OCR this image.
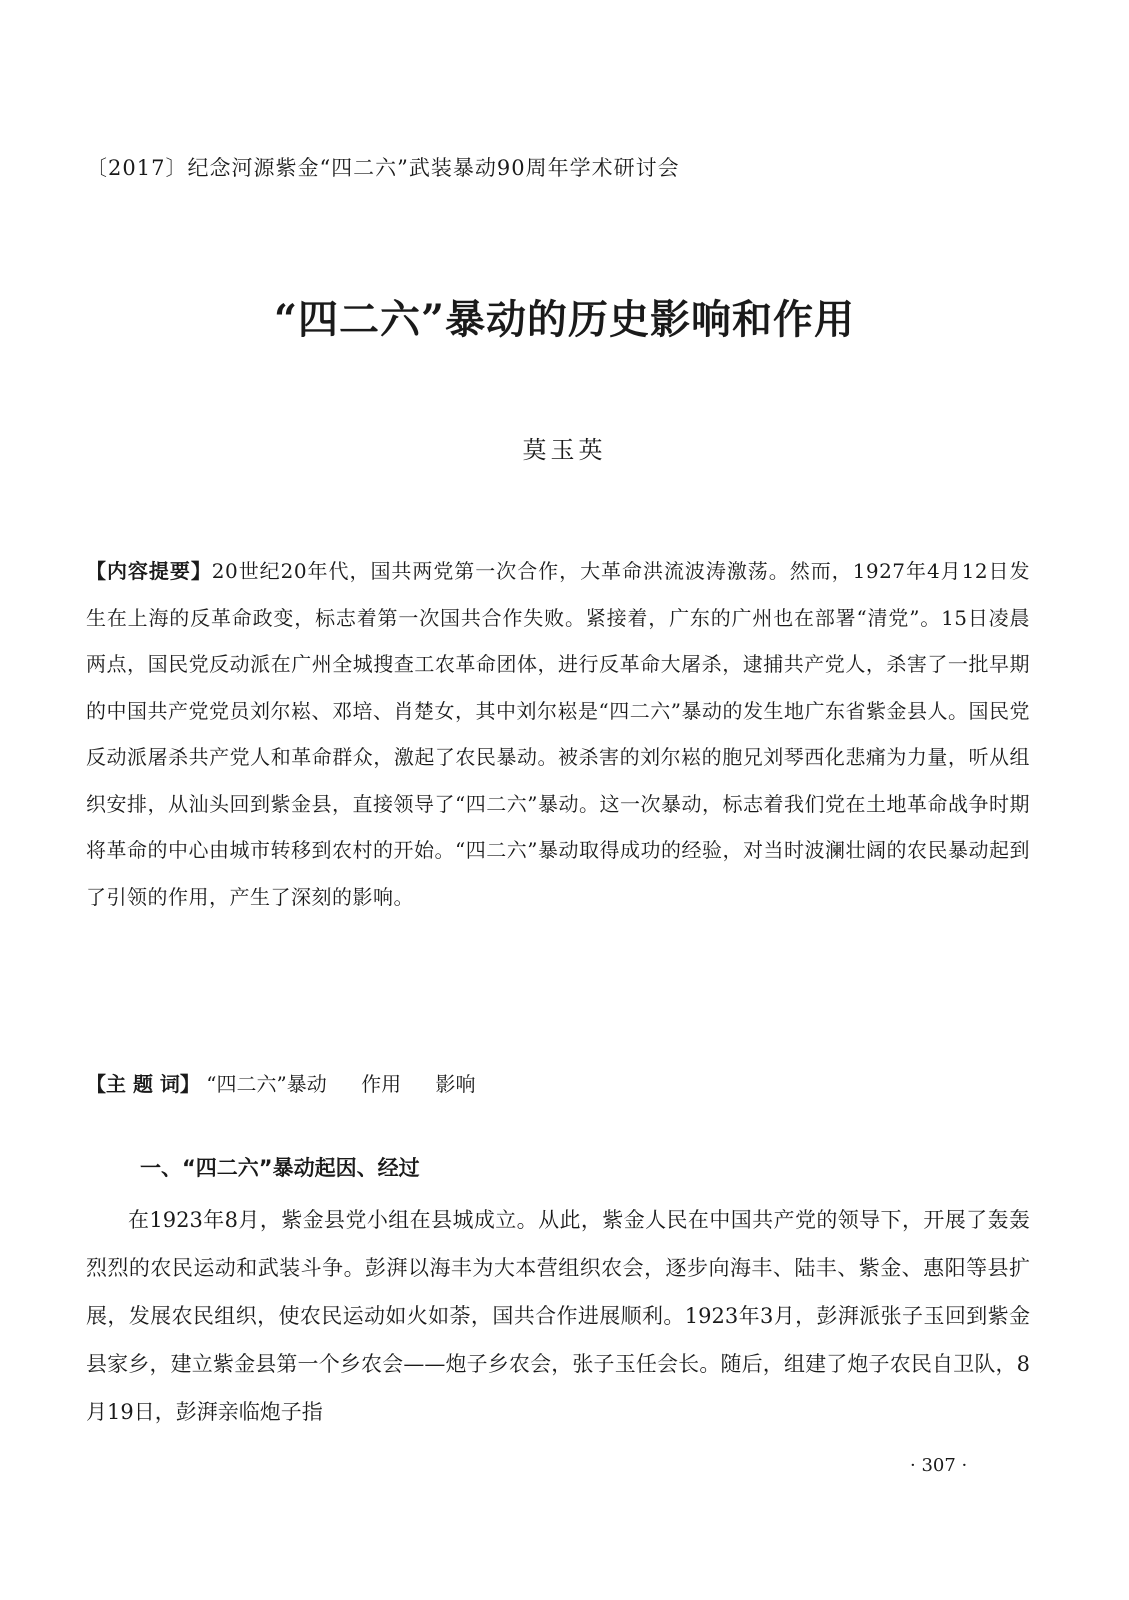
〔2017〕纪念河源紫金“四二六”武装暴动90周年学术研讨会
“四二六”暴动的历史影响和作用
莫玉英
【内容提要】20世纪20年代，国共两党第一次合作，大革命洪流波涛激荡。然而，1927年4月12日发生在上海的反革命政变，标志着第一次国共合作失败。紧接着，广东的广州也在部署“清党”。15日凌晨两点，国民党反动派在广州全城搜查工农革命团体，进行反革命大屠杀，逮捕共产党人，杀害了一批早期的中国共产党党员刘尔崧、邓培、肖楚女，其中刘尔崧是“四二六”暴动的发生地广东省紫金县人。国民党反动派屠杀共产党人和革命群众，激起了农民暴动。被杀害的刘尔崧的胞兄刘琴西化悲痛为力量，听从组织安排，从汕头回到紫金县，直接领导了“四二六”暴动。这一次暴动，标志着我们党在土地革命战争时期将革命的中心由城市转移到农村的开始。“四二六”暴动取得成功的经验，对当时波澜壮阔的农民暴动起到了引领的作用，产生了深刻的影响。
【主 题 词】 “四二六”暴动 作用 影响
一、“四二六”暴动起因、经过
在1923年8月，紫金县党小组在县城成立。从此，紫金人民在中国共产党的领导下，开展了轰轰烈烈的农民运动和武装斗争。彭湃以海丰为大本营组织农会，逐步向海丰、陆丰、紫金、惠阳等县扩展，发展农民组织，使农民运动如火如荼，国共合作进展顺利。1923年3月，彭湃派张子玉回到紫金县家乡，建立紫金县第一个乡农会——炮子乡农会，张子玉任会长。随后，组建了炮子农民自卫队，8月19日，彭湃亲临炮子指
· 307 ·
